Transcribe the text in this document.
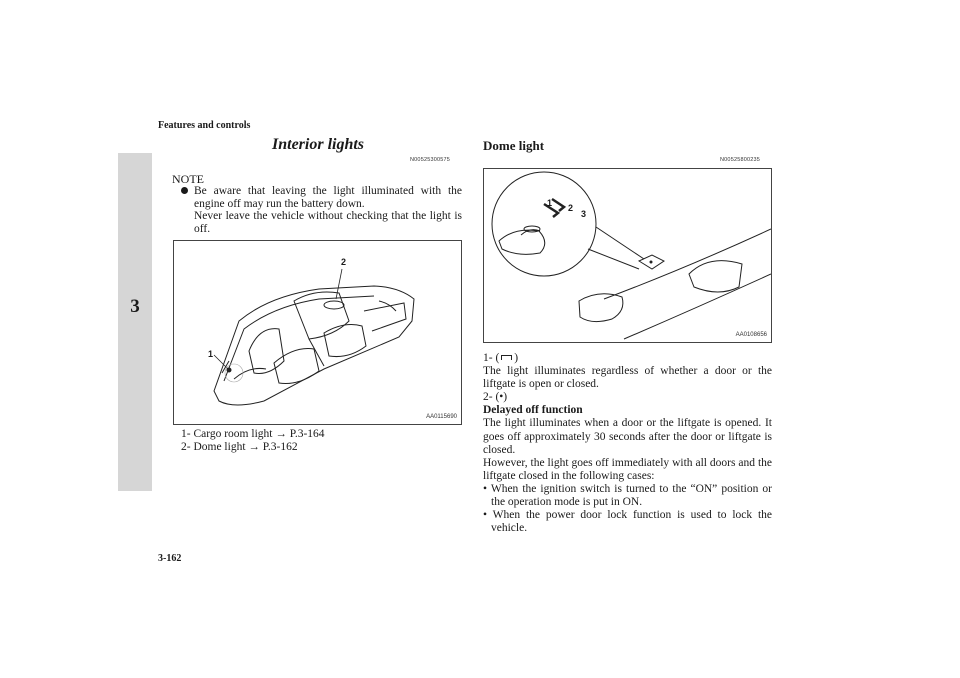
Features and controls
3
Interior lights
N00525300575
NOTE

Be aware that leaving the light illuminated with the engine off may run the battery down.

Never leave the vehicle without checking that the light is off.

2
1
AA0115690
1- Cargo room light → P.3-164
2- Dome light → P.3-162
Dome light
N00525800235
1 2
3
AA0108656

1- ( )

The light illuminates regardless of whether a door or the liftgate is open or closed.

2- (•)

Delayed off function

The light illuminates when a door or the liftgate is opened. It goes off approximately 30 seconds after the door or liftgate is closed.

However, the light goes off immediately with all doors and the liftgate closed in the following cases:

• When the ignition switch is turned to the “ON” position or the operation mode is put in ON.

• When the power door lock function is used to lock the vehicle.

3-162
